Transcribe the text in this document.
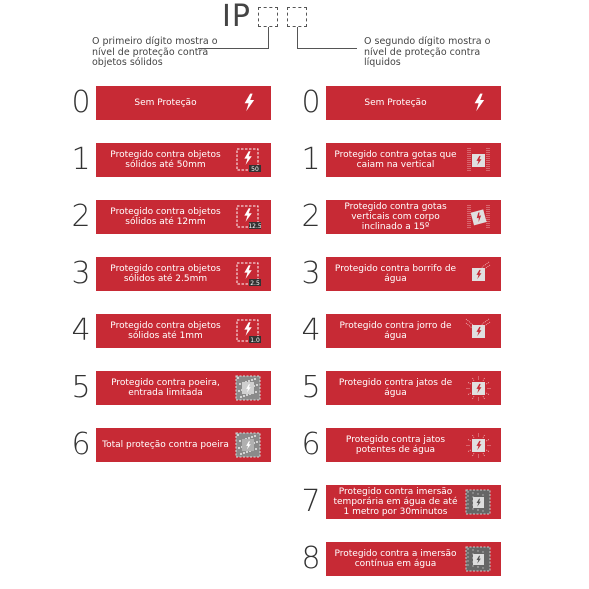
IP
O primeiro dígito mostra o nível de proteção contra objetos sólidos
O segundo dígito mostra o nível de proteção contra líquidos
0	Sem Proteção
1	Protegido contra objetos sólidos até 50mm	50
2	Protegido contra objetos sólidos até 12mm	12.5
3	Protegido contra objetos sólidos até 2.5mm	2.5
4	Protegido contra objetos sólidos até 1mm	1.0
5	Protegido contra poeira, entrada limitada
6	Total proteção contra poeira
0	Sem Proteção
1	Protegido contra gotas que caiam na vertical
2	Protegido contra gotas verticais com corpo inclinado a 15º
3	Protegido contra borrifo de água
4	Protegido contra jorro de água
5	Protegido contra jatos de água
6	Protegido contra jatos potentes de água
7	Protegido contra imersão temporária em água de até 1 metro por 30minutos
8	Protegido contra a imersão contínua em água
